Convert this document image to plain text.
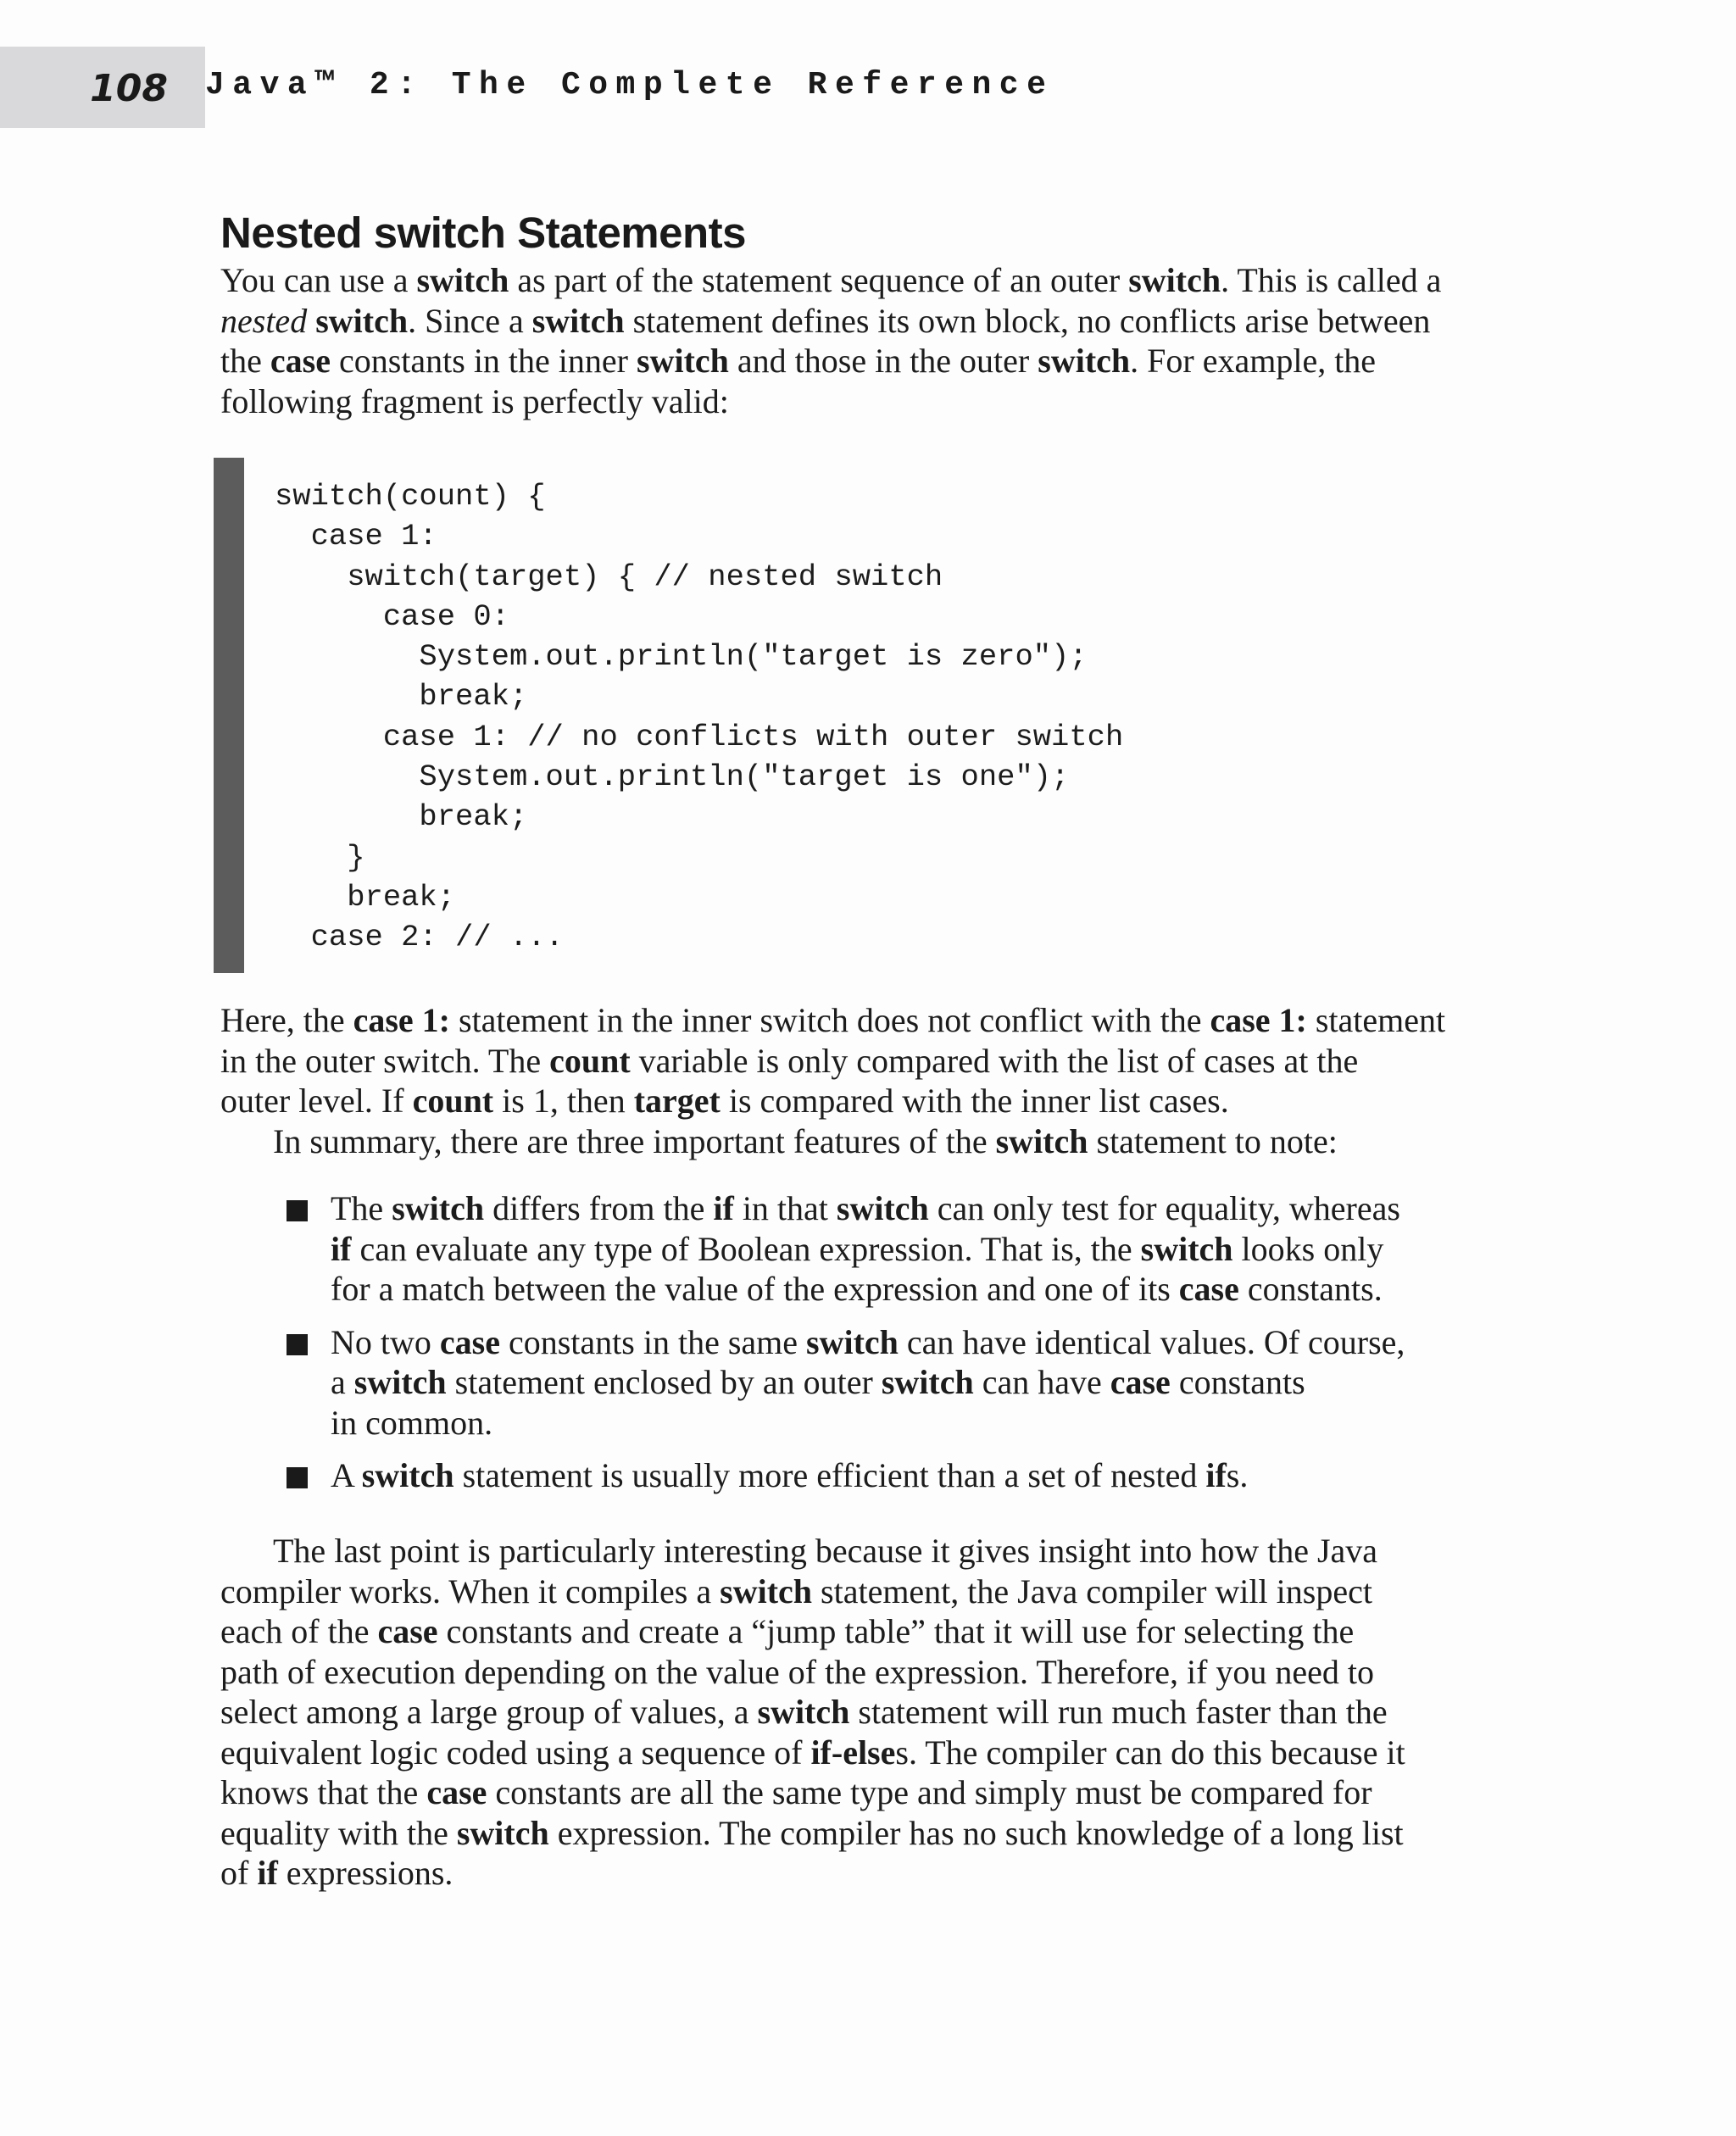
108 Java™ 2: The Complete Reference
Nested switch Statements
You can use a switch as part of the statement sequence of an outer switch. This is called a
nested switch. Since a switch statement defines its own block, no conflicts arise between
the case constants in the inner switch and those in the outer switch. For example, the
following fragment is perfectly valid:
switch(count) {
case 1:
switch(target) { // nested switch
case 0:
System.out.println("target is zero");
break;
case 1: // no conflicts with outer switch
System.out.println("target is one");
break;
}
break;
case 2: // ...
Here, the case 1: statement in the inner switch does not conflict with the case 1: statement
in the outer switch. The count variable is only compared with the list of cases at the
outer level. If count is 1, then target is compared with the inner list cases.
In summary, there are three important features of the switch statement to note:
The switch differs from the if in that switch can only test for equality, whereas
if can evaluate any type of Boolean expression. That is, the switch looks only
for a match between the value of the expression and one of its case constants.
No two case constants in the same switch can have identical values. Of course,
a switch statement enclosed by an outer switch can have case constants
in common.
A switch statement is usually more efficient than a set of nested ifs.
The last point is particularly interesting because it gives insight into how the Java
compiler works. When it compiles a switch statement, the Java compiler will inspect
each of the case constants and create a “jump table” that it will use for selecting the
path of execution depending on the value of the expression. Therefore, if you need to
select among a large group of values, a switch statement will run much faster than the
equivalent logic coded using a sequence of if-elses. The compiler can do this because it
knows that the case constants are all the same type and simply must be compared for
equality with the switch expression. The compiler has no such knowledge of a long list
of if expressions.
